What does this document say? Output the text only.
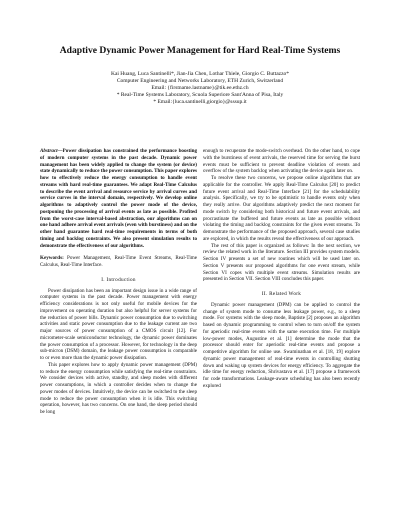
Adaptive Dynamic Power Management for Hard Real-Time Systems
Kai Huang, Luca Santinelli*, Jian-Jia Chen, Lothar Thiele, Giorgio C. Buttazzo*
Computer Engineering and Networks Laboratory, ETH Zurich, Switzerland
Email: {firstname.lastname}@tik.ee.ethz.ch
* Real-Time Systems Laboratory, Scuola Superiore Sant'Anna of Pisa, Italy
* Email:{luca.santinelli,giorgio}@sssup.it

Abstract—Power dissipation has constrained the performance boosting of modern computer systems in the past decade. Dynamic power management has been widely applied to change the system (or device) state dynamically to reduce the power consumption. This paper explores how to effectively reduce the energy consumption to handle event streams with hard real-time guarantees. We adapt Real-Time Calculus to describe the event arrival and resource service by arrival curves and service curves in the interval domain, respectively. We develop online algorithms to adaptively control the power mode of the device, postponing the processing of arrival events as late as possible. Profited from the worst-case interval-based abstraction, our algorithms can on one hand adhere arrival event arrivals (even with burstiness) and on the other hand guarantee hard real-time requirements in terms of both timing and backlog constraints. We also present simulation results to demonstrate the effectiveness of our algorithms.

Keywords: Power Management, Real-Time Event Streams, Real-Time Calculus, Real-Time Interface.

I. Introduction

Power dissipation has been an important design issue in a wide range of computer systems in the past decade. Power management with energy efficiency considerations is not only useful for mobile devices for the improvement on operating duration but also helpful for server systems for the reduction of power bills. Dynamic power consumption due to switching activities and static power consumption due to the leakage current are two major sources of power consumption of a CMOS circuit [12]. For micrometer-scale semiconductor technology, the dynamic power dominates the power consumption of a processor. However, for technology in the deep sub-micron (DSM) domain, the leakage power consumption is comparable to or even more than the dynamic power dissipation.

This paper explores how to apply dynamic power management (DPM) to reduce the energy consumption while satisfying the real-time constraints. We consider devices with active, standby, and sleep modes with different power consumptions, in which a controller decides when to change the power modes of devices. Intuitively, the device can be switched to the sleep mode to reduce the power consumption when it is idle. This switching operation, however, has two concerns. On one hand, the sleep period should be long

enough to recuperate the mode-switch overhead. On the other hand, to cope with the burstiness of event arrivals, the reserved time for serving the burst events must be sufficient to prevent deadline violation of events and overflow of the system backlog when activating the device again later on.

To resolve these two concerns, we propose online algorithms that are applicable for the controller. We apply Real-Time Calculus [20] to predict future event arrival and Real-Time Interface [21] for the schedulability analysis. Specifically, we try to be optimistic to handle events only when they really arrive. Our algorithms adaptively predict the next moment for mode switch by considering both historical and future event arrivals, and procrastinate the buffered and future events as late as possible without violating the timing and backlog constraints for the given event streams. To demonstrate the performance of the proposed approach, several case studies are explored, in which the results reveal the effectiveness of our approach.

The rest of this paper is organized as follows: In the next section, we review the related work in the literature. Section III provides system models. Section IV presents a set of new routines which will be used later on. Section V presents our proposed algorithms for one event stream, while Section VI copes with multiple event streams. Simulation results are presented in Section VII. Section VIII concludes this paper.

II. Related Work

Dynamic power management (DPM) can be applied to control the change of system mode to consume less leakage power, e.g., to a sleep mode. For systems with the sleep mode, Baptiste [2] proposes an algorithm based on dynamic programming to control when to turn on/off the system for aperiodic real-time events with the same execution time. For multiple low-power modes, Augustine et al. [1] determine the mode that the processor should enter for aperiodic real-time events and propose a competitive algorithm for online use. Swaminathan et al. [18, 19] explore dynamic power management of real-time events in controlling shutting down and waking up system devices for energy efficiency. To aggregate the idle time for energy reduction, Shrivastava et al. [17] propose a framework for code transformations. Leakage-aware scheduling has also been recently explored
